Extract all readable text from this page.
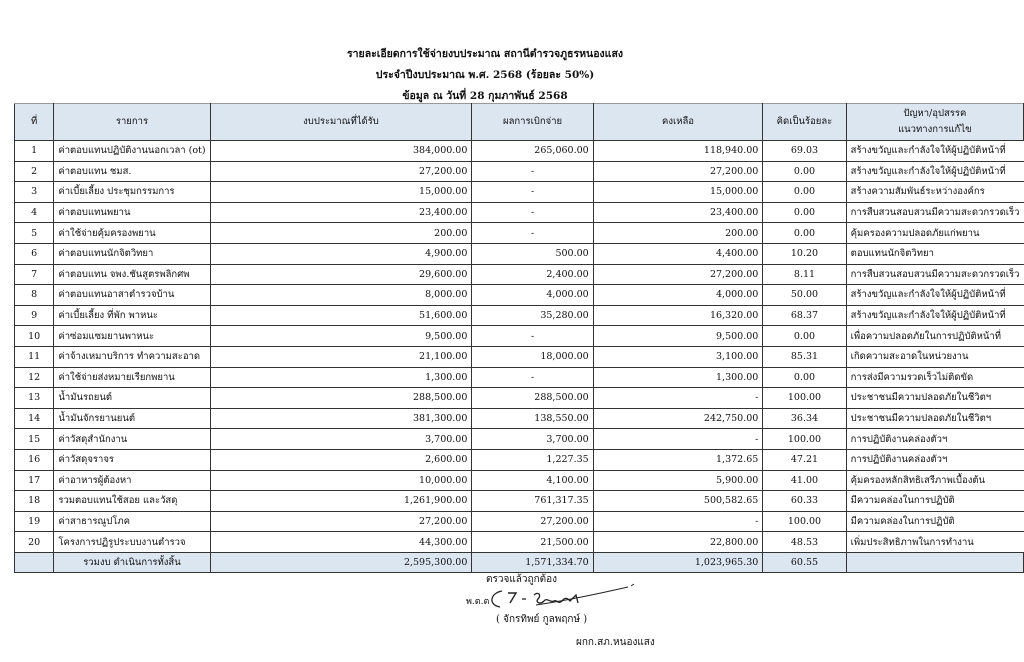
รายละเอียดการใช้จ่ายงบประมาณ สถานีตำรวจภูธรหนองแสง
ประจำปีงบประมาณ พ.ศ. 2568 (ร้อยละ 50%)
ข้อมูล ณ วันที่ 28 กุมภาพันธ์ 2568
ที่	รายการ	งบประมาณที่ได้รับ	ผลการเบิกจ่าย	คงเหลือ	คิดเป็นร้อยละ	ปัญหา/อุปสรรค
แนวทางการแก้ไข

1	ค่าตอบแทนปฏิบัติงานนอกเวลา (ot)	384,000.00	265,060.00	118,940.00	69.03	สร้างขวัญและกำลังใจให้ผู้ปฏิบัติหน้าที่
2	ค่าตอบแทน ชมส.	27,200.00	-	27,200.00	0.00	สร้างขวัญและกำลังใจให้ผู้ปฏิบัติหน้าที่
3	ค่าเบี้ยเลี้ยง ประชุมกรรมการ	15,000.00	-	15,000.00	0.00	สร้างความสัมพันธ์ระหว่างองค์กร
4	ค่าตอบแทนพยาน	23,400.00	-	23,400.00	0.00	การสืบสวนสอบสวนมีความสะดวกรวดเร็ว
5	ค่าใช้จ่ายคุ้มครองพยาน	200.00	-	200.00	0.00	คุ้มครองความปลอดภัยแก่พยาน
6	ค่าตอบแทนนักจิตวิทยา	4,900.00	500.00	4,400.00	10.20	ตอบแทนนักจิตวิทยา
7	ค่าตอบแทน จพง.ชันสูตรพลิกศพ	29,600.00	2,400.00	27,200.00	8.11	การสืบสวนสอบสวนมีความสะดวกรวดเร็ว
8	ค่าตอบแทนอาสาตำรวจบ้าน	8,000.00	4,000.00	4,000.00	50.00	สร้างขวัญและกำลังใจให้ผู้ปฏิบัติหน้าที่
9	ค่าเบี้ยเลี้ยง ที่พัก พาหนะ	51,600.00	35,280.00	16,320.00	68.37	สร้างขวัญและกำลังใจให้ผู้ปฏิบัติหน้าที่
10	ค่าซ่อมแซมยานพาหนะ	9,500.00	-	9,500.00	0.00	เพื่อความปลอดภัยในการปฏิบัติหน้าที่
11	ค่าจ้างเหมาบริการ ทำความสะอาด	21,100.00	18,000.00	3,100.00	85.31	เกิดความสะอาดในหน่วยงาน
12	ค่าใช้จ่ายส่งหมายเรียกพยาน	1,300.00	-	1,300.00	0.00	การส่งมีความรวดเร็วไม่ติดขัด
13	น้ำมันรถยนต์	288,500.00	288,500.00	-	100.00	ประชาชนมีความปลอดภัยในชีวิตฯ
14	น้ำมันจักรยานยนต์	381,300.00	138,550.00	242,750.00	36.34	ประชาชนมีความปลอดภัยในชีวิตฯ
15	ค่าวัสดุสำนักงาน	3,700.00	3,700.00	-	100.00	การปฏิบัติงานคล่องตัวฯ
16	ค่าวัสดุจราจร	2,600.00	1,227.35	1,372.65	47.21	การปฏิบัติงานคล่องตัวฯ
17	ค่าอาหารผู้ต้องหา	10,000.00	4,100.00	5,900.00	41.00	คุ้มครองหลักสิทธิเสรีภาพเบื้องต้น
18	รวมตอบแทนใช้สอย และวัสดุ	1,261,900.00	761,317.35	500,582.65	60.33	มีความคล่องในการปฏิบัติ
19	ค่าสาธารณูปโภค	27,200.00	27,200.00	-	100.00	มีความคล่องในการปฏิบัติ
20	โครงการปฏิรูประบบงานตำรวจ	44,300.00	21,500.00	22,800.00	48.53	เพิ่มประสิทธิภาพในการทำงาน
	รวมงบ ดำเนินการทั้งสิ้น	2,595,300.00	1,571,334.70	1,023,965.30	60.55	
ตรวจแล้วถูกต้อง
พ.ต.ต
( จักรทิพย์ กูลพฤกษ์ )
ผกก.สภ.หนองแสง
